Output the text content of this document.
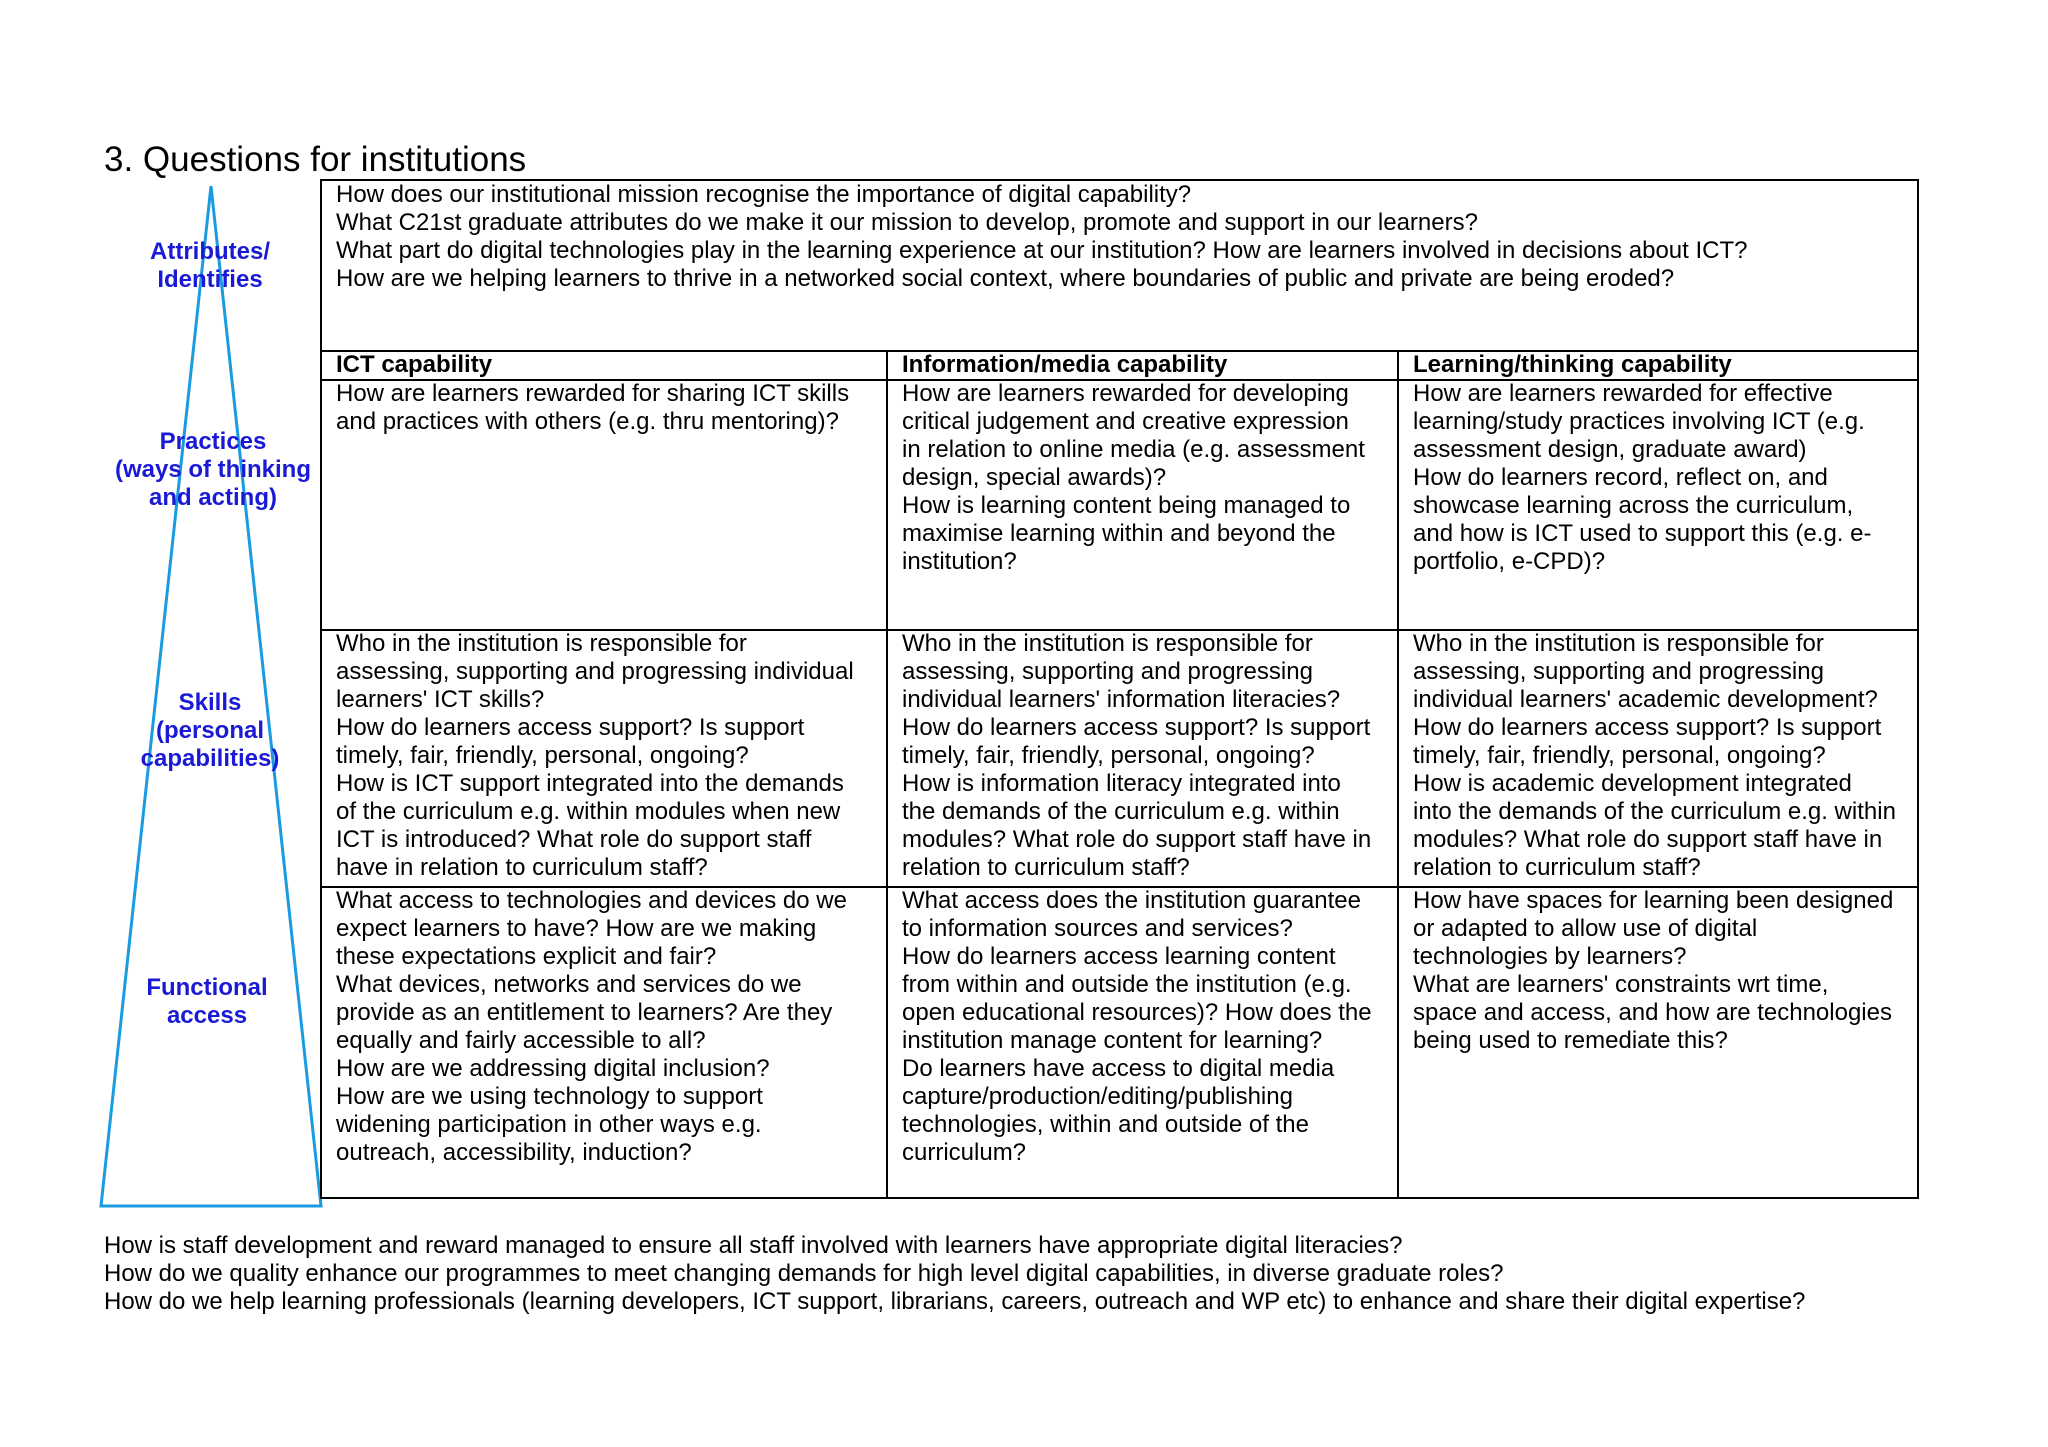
3. Questions for institutions
Attributes/
Identifies
Practices
(ways of thinking
and acting)
Skills
(personal
capabilities)
Functional
access
How does our institutional mission recognise the importance of digital capability?
What C21st graduate attributes do we make it our mission to develop, promote and support in our learners?
What part do digital technologies play in the learning experience at our institution? How are learners involved in decisions about ICT?
How are we helping learners to thrive in a networked social context, where boundaries of public and private are being eroded?
ICT capability	Information/media capability	Learning/thinking capability
How are learners rewarded for sharing ICT skills
and practices with others (e.g. thru mentoring)?
How are learners rewarded for developing
critical judgement and creative expression
in relation to online media (e.g. assessment
design, special awards)?
How is learning content being managed to
maximise learning within and beyond the
institution?
How are learners rewarded for effective
learning/study practices involving ICT (e.g.
assessment design, graduate award)
How do learners record, reflect on, and
showcase learning across the curriculum,
and how is ICT used to support this (e.g. e-
portfolio, e-CPD)?
Who in the institution is responsible for
assessing, supporting and progressing individual
learners' ICT skills?
How do learners access support? Is support
timely, fair, friendly, personal, ongoing?
How is ICT support integrated into the demands
of the curriculum e.g. within modules when new
ICT is introduced? What role do support staff
have in relation to curriculum staff?
Who in the institution is responsible for
assessing, supporting and progressing
individual learners' information literacies?
How do learners access support? Is support
timely, fair, friendly, personal, ongoing?
How is information literacy integrated into
the demands of the curriculum e.g. within
modules? What role do support staff have in
relation to curriculum staff?
Who in the institution is responsible for
assessing, supporting and progressing
individual learners' academic development?
How do learners access support? Is support
timely, fair, friendly, personal, ongoing?
How is academic development integrated
into the demands of the curriculum e.g. within
modules? What role do support staff have in
relation to curriculum staff?
What access to technologies and devices do we
expect learners to have? How are we making
these expectations explicit and fair?
What devices, networks and services do we
provide as an entitlement to learners? Are they
equally and fairly accessible to all?
How are we addressing digital inclusion?
How are we using technology to support
widening participation in other ways e.g.
outreach, accessibility, induction?
What access does the institution guarantee
to information sources and services?
How do learners access learning content
from within and outside the institution (e.g.
open educational resources)? How does the
institution manage content for learning?
Do learners have access to digital media
capture/production/editing/publishing
technologies, within and outside of the
curriculum?
How have spaces for learning been designed
or adapted to allow use of digital
technologies by learners?
What are learners' constraints wrt time,
space and access, and how are technologies
being used to remediate this?
How is staff development and reward managed to ensure all staff involved with learners have appropriate digital literacies?
How do we quality enhance our programmes to meet changing demands for high level digital capabilities, in diverse graduate roles?
How do we help learning professionals (learning developers, ICT support, librarians, careers, outreach and WP etc) to enhance and share their digital expertise?
